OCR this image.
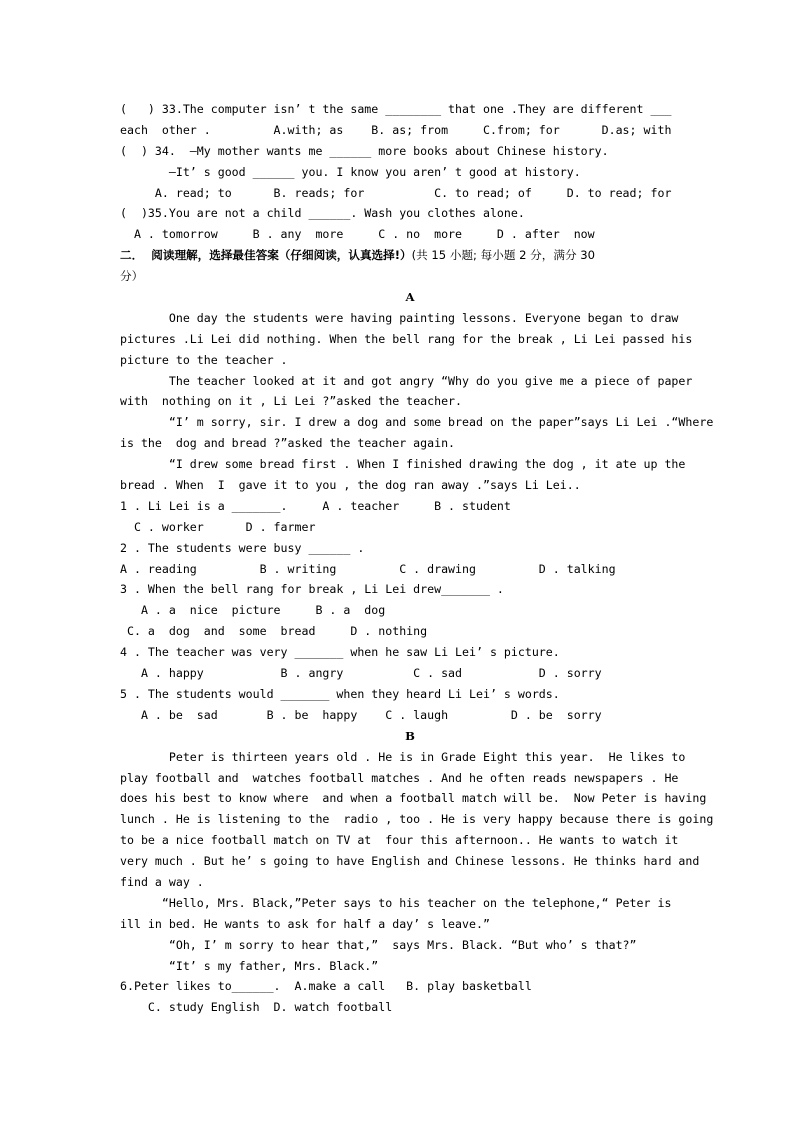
(   ) 33.The computer isn’ t the same ________ that one .They are different ___
each  other .         A.with; as    B. as; from     C.from; for      D.as; with
(  ) 34.  —My mother wants me ______ more books about Chinese history.
—It’ s good ______ you. I know you aren’ t good at history.
A. read; to      B. reads; for          C. to read; of     D. to read; for
(  )35.You are not a child ______. Wash you clothes alone.
A . tomorrow     B . any  more     C . no  more     D . after  now
二．  阅读理解，选择最佳答案（仔细阅读，认真选择!）(共 15 小题; 每小题 2 分，满分 30
分）
A
One day the students were having painting lessons. Everyone began to draw
pictures .Li Lei did nothing. When the bell rang for the break , Li Lei passed his
picture to the teacher .
The teacher looked at it and got angry “Why do you give me a piece of paper
with  nothing on it , Li Lei ?”asked the teacher.
“I’ m sorry, sir. I drew a dog and some bread on the paper”says Li Lei .“Where
is the  dog and bread ?”asked the teacher again.
“I drew some bread first . When I finished drawing the dog , it ate up the
bread . When  I  gave it to you , the dog ran away .”says Li Lei..
1 . Li Lei is a _______.     A . teacher     B . student
C . worker      D . farmer
2 . The students were busy ______ .
A . reading         B . writing         C . drawing         D . talking
3 . When the bell rang for break , Li Lei drew_______ .
A . a  nice  picture     B . a  dog
C. a  dog  and  some  bread     D . nothing
4 . The teacher was very _______ when he saw Li Lei’ s picture.
A . happy           B . angry          C . sad           D . sorry
5 . The students would _______ when they heard Li Lei’ s words.
A . be  sad       B . be  happy    C . laugh         D . be  sorry
B
Peter is thirteen years old . He is in Grade Eight this year.  He likes to
play football and  watches football matches . And he often reads newspapers . He
does his best to know where  and when a football match will be.  Now Peter is having
lunch . He is listening to the  radio , too . He is very happy because there is going
to be a nice football match on TV at  four this afternoon.. He wants to watch it
very much . But he’ s going to have English and Chinese lessons. He thinks hard and
find a way .
“Hello, Mrs. Black,”Peter says to his teacher on the telephone,“ Peter is
ill in bed. He wants to ask for half a day’ s leave.”
“Oh, I’ m sorry to hear that,”  says Mrs. Black. “But who’ s that?”
“It’ s my father, Mrs. Black.”
6.Peter likes to______.  A.make a call   B. play basketball
C. study English  D. watch football
